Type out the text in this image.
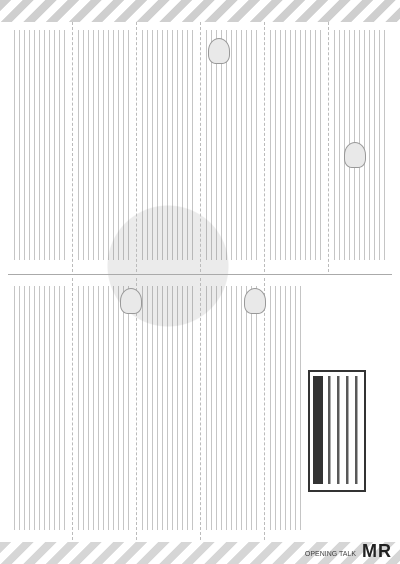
OPENING TALK MR
